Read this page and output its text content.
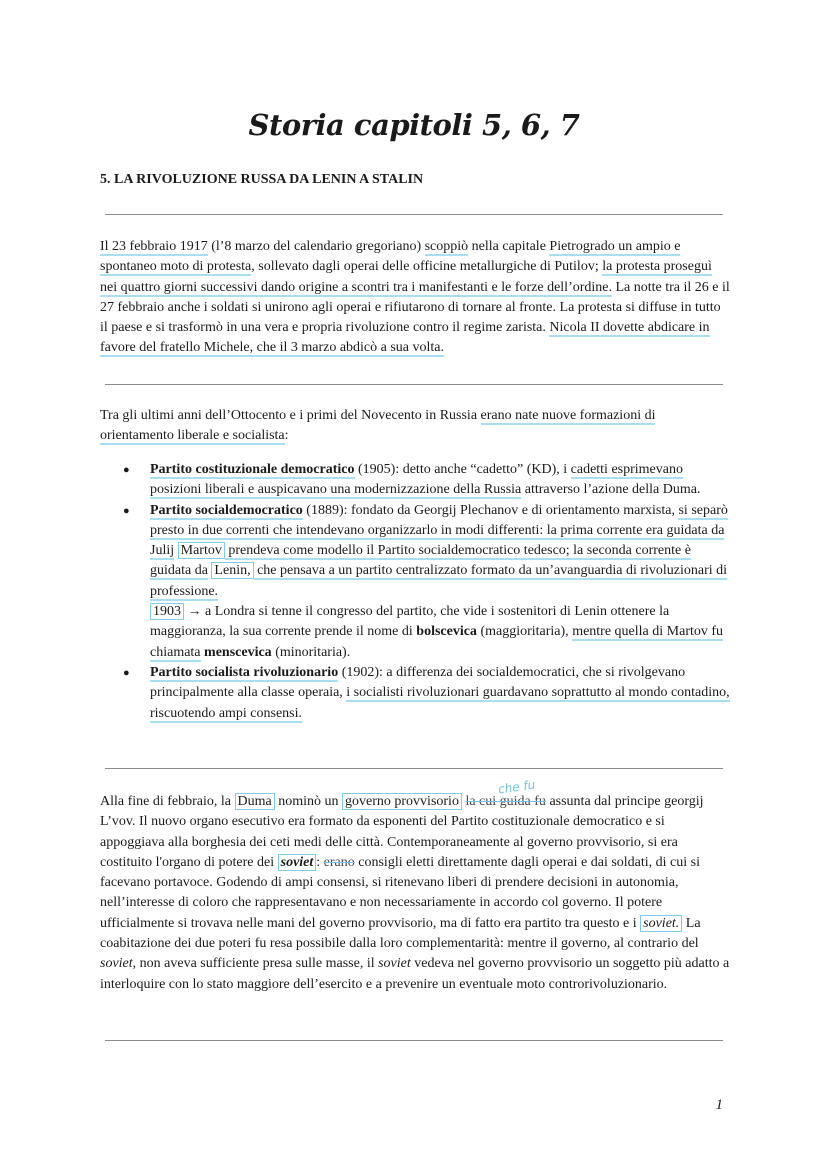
Storia capitoli 5, 6, 7
5. LA RIVOLUZIONE RUSSA DA LENIN A STALIN

Il 23 febbraio 1917 (l’8 marzo del calendario gregoriano) scoppiò nella capitale Pietrogrado un ampio e spontaneo moto di protesta, sollevato dagli operai delle officine metallurgiche di Putilov; la protesta proseguì nei quattro giorni successivi dando origine a scontri tra i manifestanti e le forze dell’ordine. La notte tra il 26 e il 27 febbraio anche i soldati si unirono agli operai e rifiutarono di tornare al fronte. La protesta si diffuse in tutto il paese e si trasformò in una vera e propria rivoluzione contro il regime zarista. Nicola II dovette abdicare in favore del fratello Michele, che il 3 marzo abdicò a sua volta.

Tra gli ultimi anni dell’Ottocento e i primi del Novecento in Russia erano nate nuove formazioni di orientamento liberale e socialista:

● Partito costituzionale democratico (1905): detto anche “cadetto” (KD), i cadetti esprimevano posizioni liberali e auspicavano una modernizzazione della Russia attraverso l’azione della Duma.
● Partito socialdemocratico (1889): fondato da Georgij Plechanov e di orientamento marxista, si separò presto in due correnti che intendevano organizzarlo in modi differenti: la prima corrente era guidata da Julij Martov prendeva come modello il Partito socialdemocratico tedesco; la seconda corrente è guidata da Lenin, che pensava a un partito centralizzato formato da un’avanguardia di rivoluzionari di professione.
1903 → a Londra si tenne il congresso del partito, che vide i sostenitori di Lenin ottenere la maggioranza, la sua corrente prende il nome di bolscevica (maggioritaria), mentre quella di Martov fu chiamata menscevica (minoritaria).
● Partito socialista rivoluzionario (1902): a differenza dei socialdemocratici, che si rivolgevano principalmente alla classe operaia, i socialisti rivoluzionari guardavano soprattutto al mondo contadino, riscuotendo ampi consensi.
che fu

Alla fine di febbraio, la Duma nominò un governo provvisorio la cui guida fu assunta dal principe georgij L’vov. Il nuovo organo esecutivo era formato da esponenti del Partito costituzionale democratico e si appoggiava alla borghesia dei ceti medi delle città. Contemporaneamente al governo provvisorio, si era costituito l'organo di potere dei soviet : erano consigli eletti direttamente dagli operai e dai soldati, di cui si facevano portavoce. Godendo di ampi consensi, si ritenevano liberi di prendere decisioni in autonomia, nell’interesse di coloro che rappresentavano e non necessariamente in accordo col governo. Il potere ufficialmente si trovava nelle mani del governo provvisorio, ma di fatto era partito tra questo e i soviet. La coabitazione dei due poteri fu resa possibile dalla loro complementarità: mentre il governo, al contrario del soviet, non aveva sufficiente presa sulle masse, il soviet vedeva nel governo provvisorio un soggetto più adatto a interloquire con lo stato maggiore dell’esercito e a prevenire un eventuale moto controrivoluzionario.

1
